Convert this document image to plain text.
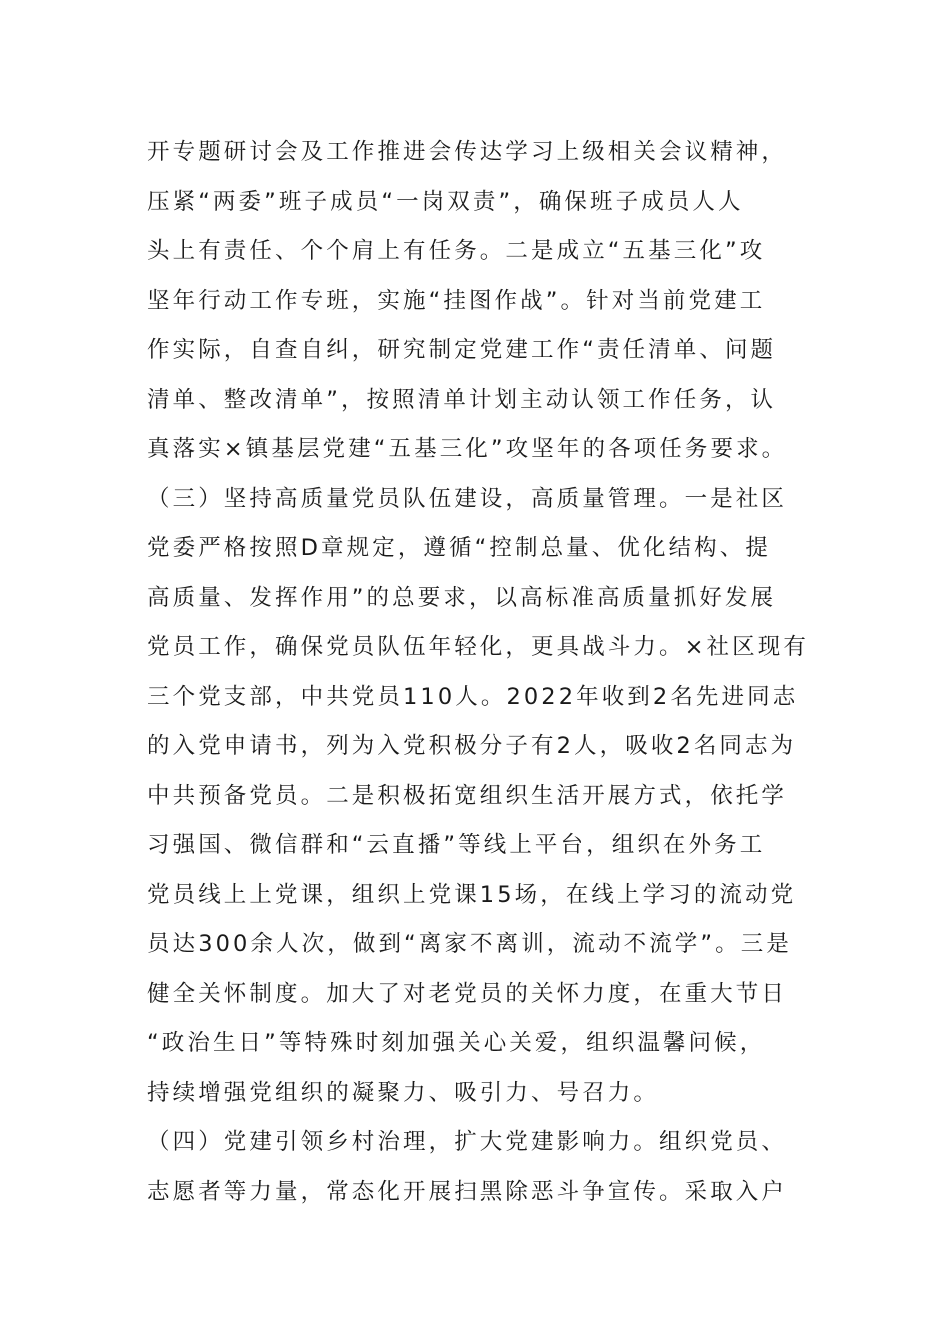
开专题研讨会及工作推进会传达学习上级相关会议精神，
压紧“两委”班子成员“一岗双责”，确保班子成员人人
头上有责任、个个肩上有任务。二是成立“五基三化”攻
坚年行动工作专班，实施“挂图作战”。针对当前党建工
作实际，自查自纠，研究制定党建工作“责任清单、问题
清单、整改清单”，按照清单计划主动认领工作任务，认
真落实×镇基层党建“五基三化”攻坚年的各项任务要求。
（三）坚持高质量党员队伍建设，高质量管理。一是社区
党委严格按照D章规定，遵循“控制总量、优化结构、提
高质量、发挥作用”的总要求，以高标准高质量抓好发展
党员工作，确保党员队伍年轻化，更具战斗力。×社区现有
三个党支部，中共党员110人。2022年收到2名先进同志
的入党申请书，列为入党积极分子有2人，吸收2名同志为
中共预备党员。二是积极拓宽组织生活开展方式，依托学
习强国、微信群和“云直播”等线上平台，组织在外务工
党员线上上党课，组织上党课15场，在线上学习的流动党
员达300余人次，做到“离家不离训，流动不流学”。三是
健全关怀制度。加大了对老党员的关怀力度，在重大节日
“政治生日”等特殊时刻加强关心关爱，组织温馨问候，
持续增强党组织的凝聚力、吸引力、号召力。
（四）党建引领乡村治理，扩大党建影响力。组织党员、
志愿者等力量，常态化开展扫黑除恶斗争宣传。采取入户
